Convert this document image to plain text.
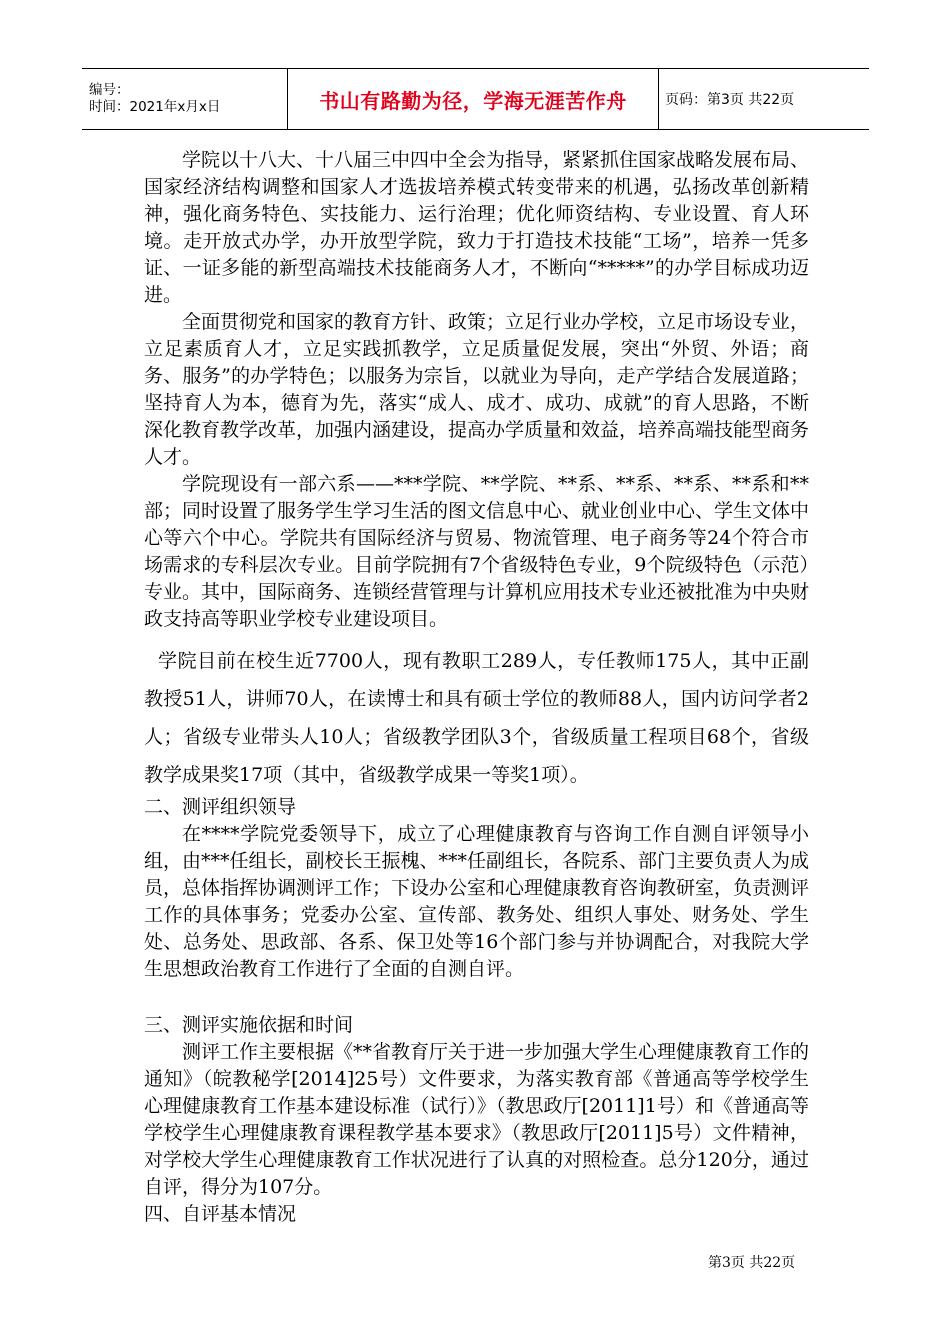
编号：
时间：2021年x月x日	书山有路勤为径，学海无涯苦作舟	页码：第3页 共22页

学院以十八大、十八届三中四中全会为指导，紧紧抓住国家战略发展布局、国家经济结构调整和国家人才选拔培养模式转变带来的机遇，弘扬改革创新精神，强化商务特色、实技能力、运行治理；优化师资结构、专业设置、育人环境。走开放式办学，办开放型学院，致力于打造技术技能“工场”，培养一凭多证、一证多能的新型高端技术技能商务人才，不断向“*****”的办学目标成功迈进。

全面贯彻党和国家的教育方针、政策；立足行业办学校，立足市场设专业，立足素质育人才，立足实践抓教学，立足质量促发展，突出“外贸、外语；商务、服务”的办学特色；以服务为宗旨，以就业为导向，走产学结合发展道路；坚持育人为本，德育为先，落实“成人、成才、成功、成就”的育人思路，不断深化教育教学改革，加强内涵建设，提高办学质量和效益，培养高端技能型商务人才。

学院现设有一部六系——***学院、**学院、**系、**系、**系、**系和**部；同时设置了服务学生学习生活的图文信息中心、就业创业中心、学生文体中心等六个中心。学院共有国际经济与贸易、物流管理、电子商务等24个符合市场需求的专科层次专业。目前学院拥有7个省级特色专业，9个院级特色（示范）专业。其中，国际商务、连锁经营管理与计算机应用技术专业还被批准为中央财政支持高等职业学校专业建设项目。

学院目前在校生近7700人，现有教职工289人，专任教师175人，其中正副教授51人，讲师70人，在读博士和具有硕士学位的教师88人，国内访问学者2人；省级专业带头人10人；省级教学团队3个，省级质量工程项目68个，省级教学成果奖17项（其中，省级教学成果一等奖1项）。

二、测评组织领导

在****学院党委领导下，成立了心理健康教育与咨询工作自测自评领导小组，由***任组长，副校长王振槐、***任副组长，各院系、部门主要负责人为成员，总体指挥协调测评工作；下设办公室和心理健康教育咨询教研室，负责测评工作的具体事务；党委办公室、宣传部、教务处、组织人事处、财务处、学生处、总务处、思政部、各系、保卫处等16个部门参与并协调配合，对我院大学生思想政治教育工作进行了全面的自测自评。

三、测评实施依据和时间

测评工作主要根据《**省教育厅关于进一步加强大学生心理健康教育工作的通知》（皖教秘学[2014]25号）文件要求，为落实教育部《普通高等学校学生心理健康教育工作基本建设标准（试行）》（教思政厅[2011]1号）和《普通高等学校学生心理健康教育课程教学基本要求》（教思政厅[2011]5号）文件精神，对学校大学生心理健康教育工作状况进行了认真的对照检查。总分120分，通过自评，得分为107分。

四、自评基本情况

第3页 共22页
